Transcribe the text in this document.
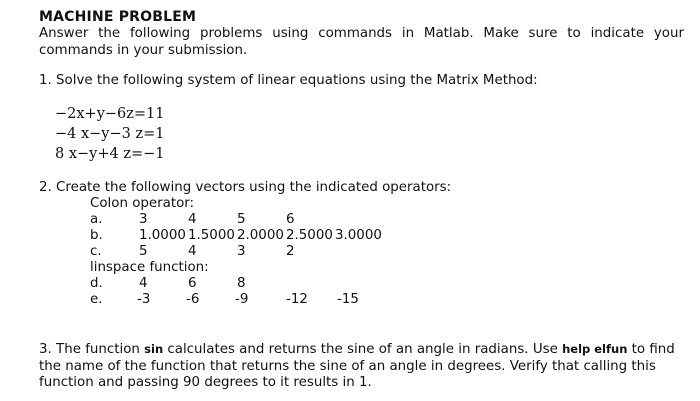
MACHINE PROBLEM
Answer the following problems using commands in Matlab. Make sure to indicate your commands in your submission.
1. Solve the following system of linear equations using the Matrix Method:
−2x+y−6z=11
−4 x−y−3 z=1
8 x−y+4 z=−1
2. Create the following vectors using the indicated operators:
Colon operator:
a.	3	4	5	6
b.	1.0000 1.5000 2.0000 2.5000 3.0000
c.	5	4	3	2
linspace function:
d.	4	6	8
e.	-3	-6	-9	-12 -15
3. The function sin calculates and returns the sine of an angle in radians. Use help elfun to find the name of the function that returns the sine of an angle in degrees. Verify that calling this function and passing 90 degrees to it results in 1.
